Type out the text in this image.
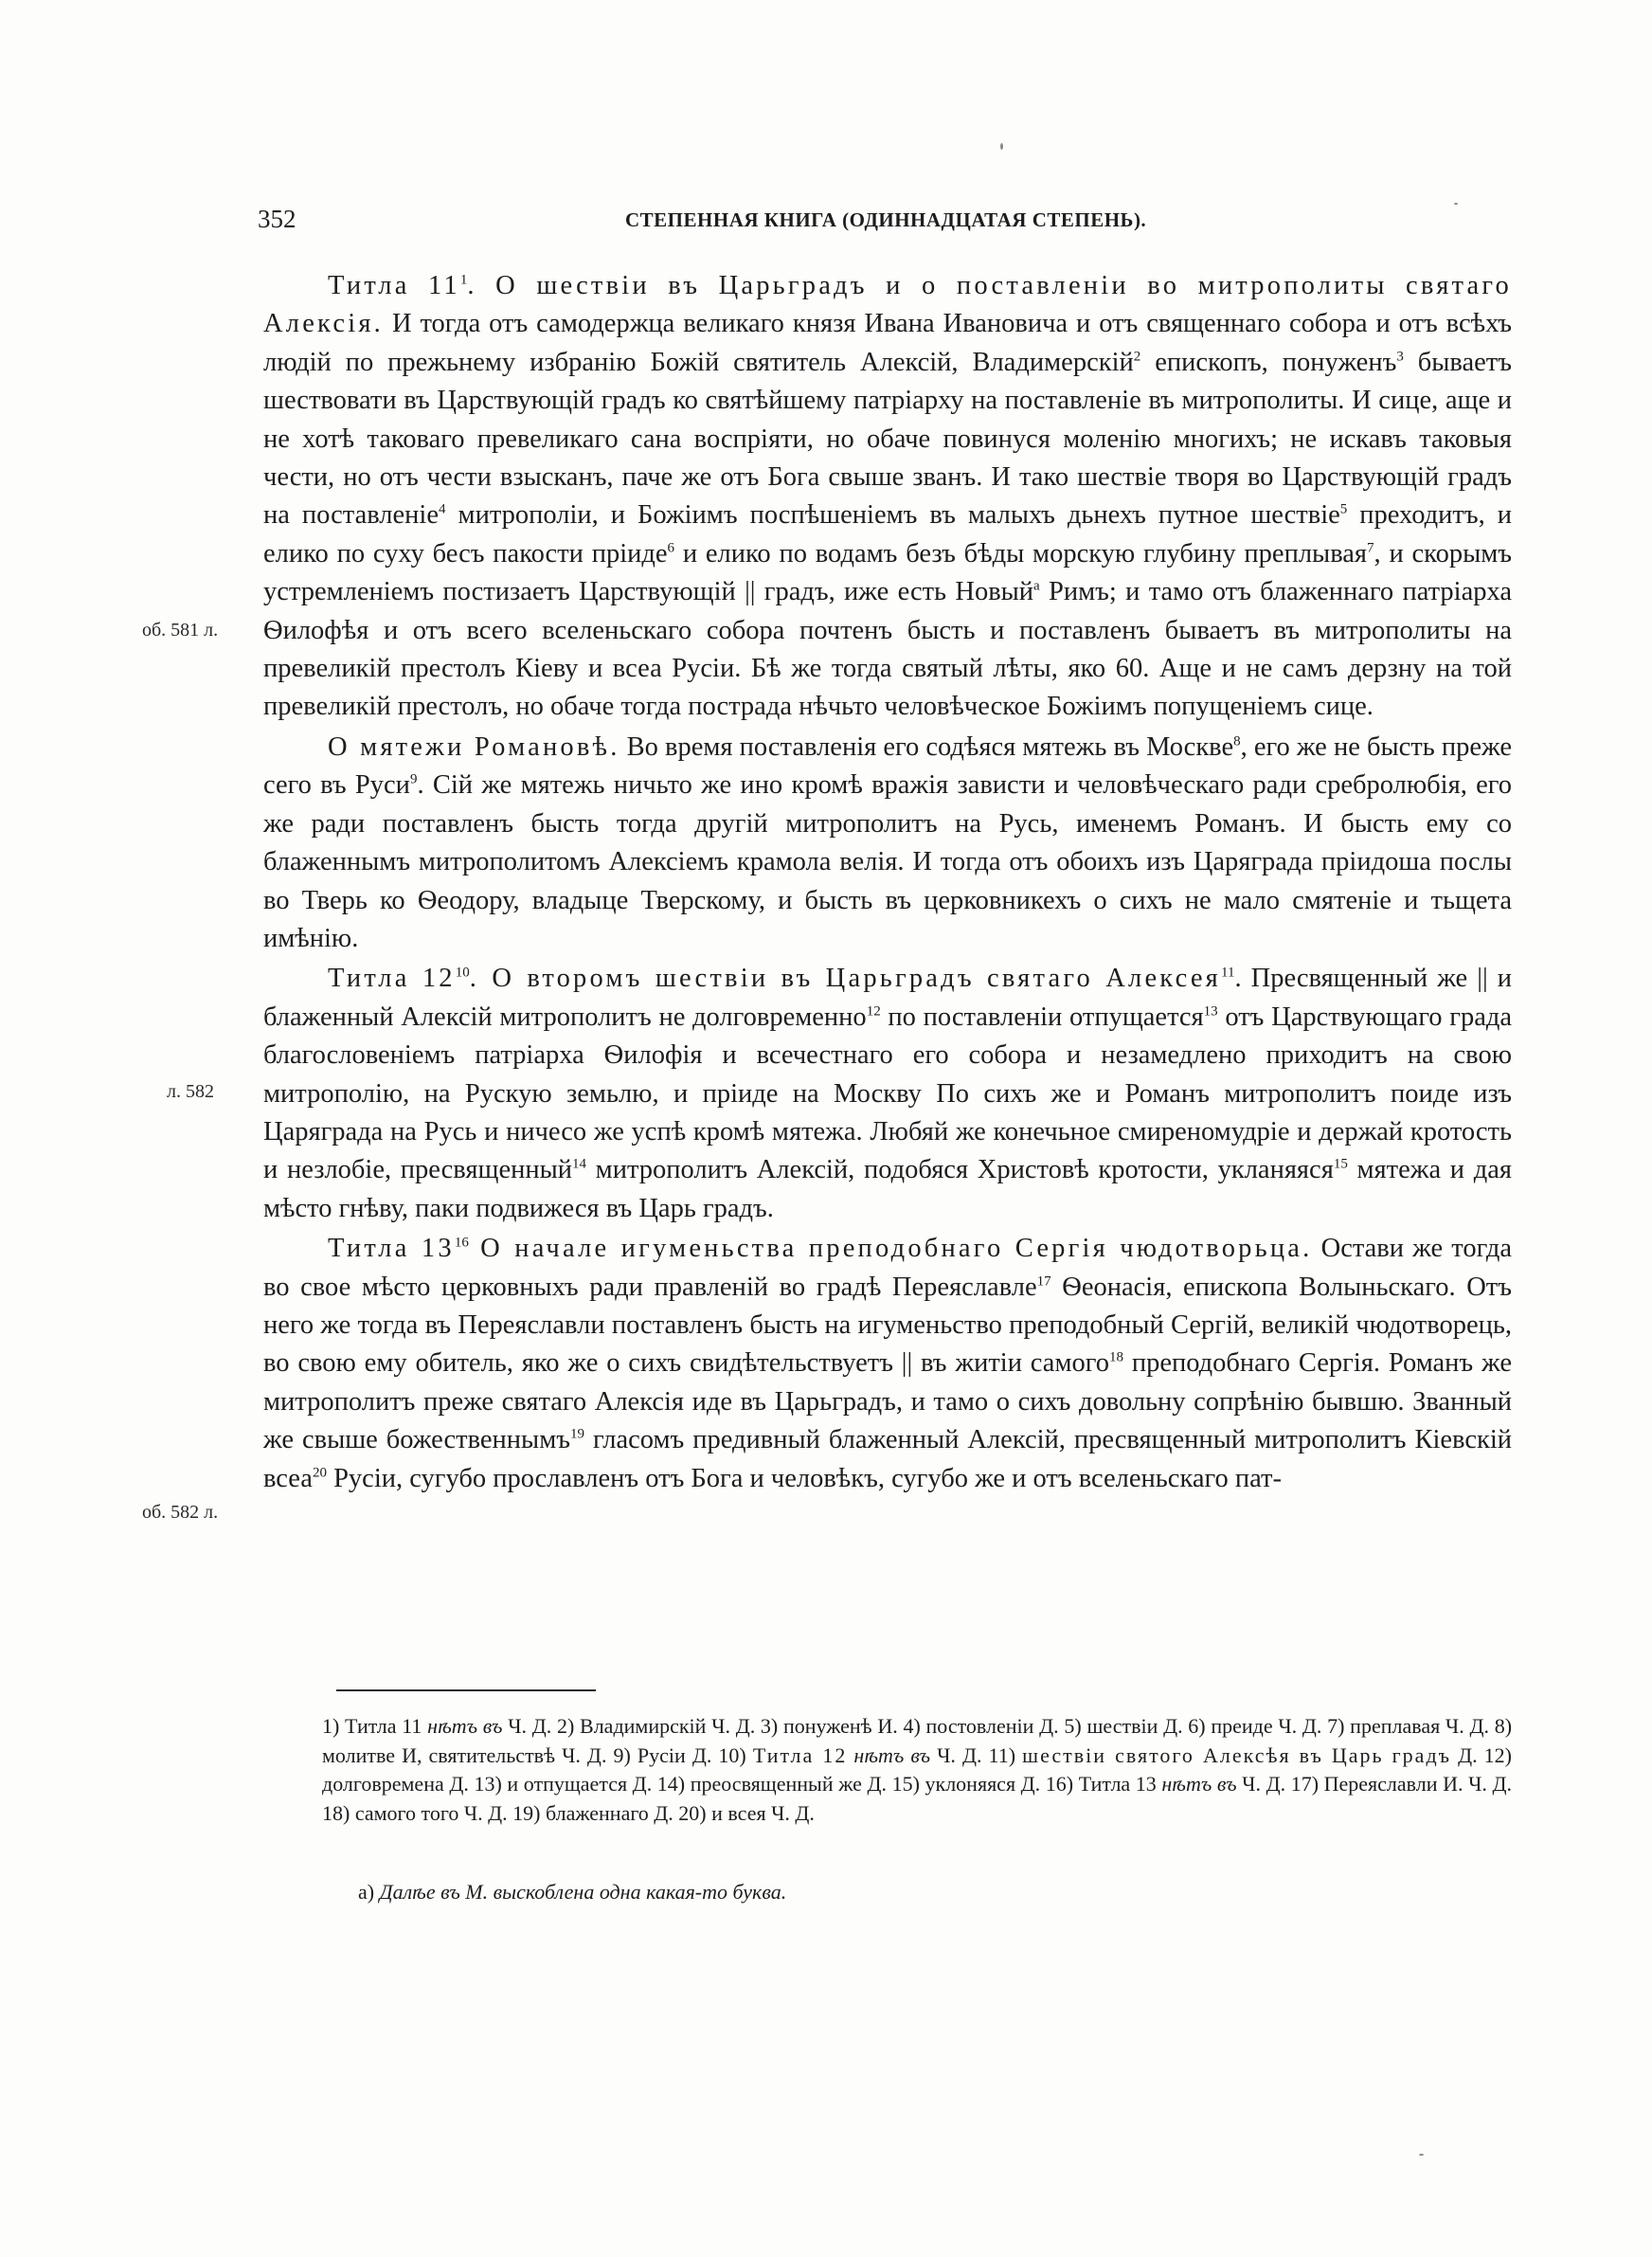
352	СТЕПЕННАЯ КНИГА (ОДИННАДЦАТАЯ СТЕПЕНЬ).
об. 581 л.
л. 582
об. 582 л.

Титла $11^1$. О шествiи въ Царьградъ и о поставленiи во митрополиты святаго Алексiя. И тогда отъ самодержца великаго князя Ивана Ивановича и отъ священнаго собора и отъ всѣхъ людiй по прежьнему избранiю Божiй святитель Алексiй, Владимерскiй$^2$ епископъ, понуженъ$^3$ бываетъ шествовати въ Царствующiй градъ ко святѣйшему патрiарху на поставленiе въ митрополиты. И сице, аще и не хотѣ таковаго превеликаго сана воспрiяти, но обаче повинуся моленiю многихъ; не искавъ таковыя чести, но отъ чести взысканъ, паче же отъ Бога свыше званъ. И тако шествiе творя во Царствующiй градъ на поставленiе$^4$ митрополiи, и Божiимъ поспѣшенiемъ въ малыхъ дьнехъ путное шествiе$^5$ преходитъ, и елико по суху бесъ пакости прiиде$^6$ и елико по водамъ безъ бѣды морскую глубину преплывая$^7$, и скорымъ устремленiемъ постизаетъ Царствующiй || градъ, иже есть Новый$^а$ Римъ; и тамо отъ блаженнаго патрiарха Ѳилофѣя и отъ всего вселеньскаго собора почтенъ бысть и поставленъ бываетъ въ митрополиты на превеликiй престолъ Кiеву и всеа Русiи. Бѣ же тогда святый лѣты, яко 60. Аще и не самъ дерзну на той превеликiй престолъ, но обаче тогда пострада нѣчьто человѣческое Божiимъ попущенiемъ сице.

О мятежи Романовѣ. Во время поставленiя его содѣяся мятежь въ Москве$^8$, его же не бысть преже сего въ Руси$^9$. Сiй же мятежь ничьто же ино кромѣ вражiя зависти и человѣческаго ради сребролюбiя, его же ради поставленъ бысть тогда другiй митрополитъ на Русь, именемъ Романъ. И бысть ему со блаженнымъ митрополитомъ Алексiемъ крамола велiя. И тогда отъ обоихъ изъ Царяграда прiидоша послы во Тверь ко Ѳеодору, владыце Тверскому, и бысть въ церковникехъ о сихъ не мало смятенiе и тьщета имѣнiю.

Титла $12^{10}$. О второмъ шествiи въ Царьградъ святаго Алексея$^{11}$. Пресвященный же || и блаженный Алексiй митрополитъ не долговременно$^{12}$ по поставленiи отпущается$^{13}$ отъ Царствующаго града благословенiемъ патрiарха Ѳилофiя и всечестнаго его собора и незамедлено приходитъ на свою митрополiю, на Рускую земьлю, и прiиде на Москву По сихъ же и Романъ митрополитъ поиде изъ Царяграда на Русь и ничесо же успѣ кромѣ мятежа. Любяй же конечьное смиреномудрiе и держай кротость и незлобiе, пресвященный$^{14}$ митрополитъ Алексiй, подобяся Христовѣ кротости, укланяяся$^{15}$ мятежа и дая мѣсто гнѣву, паки подвижеся въ Царь градъ.

Титла $13^{16}$ О начале игуменьства преподобнаго Сергiя чюдотворьца. Остави же тогда во свое мѣсто церковныхъ ради правленiй во градѣ Переяславле$^{17}$ Ѳеонасiя, епископа Волыньскаго. Отъ него же тогда въ Переяславли поставленъ бысть на игуменьство преподобный Сергiй, великiй чюдотворець, во свою ему обитель, яко же о сихъ свидѣтельствуетъ || въ житiи самого$^{18}$ преподобнаго Сергiя. Романъ же митрополитъ преже святаго Алексiя иде въ Царьградъ, и тамо о сихъ довольну сопрѣнiю бывшю. Званный же свыше божественнымъ$^{19}$ гласомъ предивный блаженный Алексiй, пресвященный митрополитъ Кiевскiй всеа$^{20}$ Русiи, сугубо прославленъ отъ Бога и человѣкъ, сугубо же и отъ вселеньскаго пат-

1) Титла 11 нѣтъ въ Ч. Д. 2) Владимирскiй Ч. Д. 3) понуженѣ И. 4) постовленiи Д. 5) шествiи Д. 6) преиде Ч. Д. 7) преплавая Ч. Д. 8) молитве И, святительствѣ Ч. Д. 9) Русiи Д. 10) Титла 12 нѣтъ въ Ч. Д. 11) шествiи святого Алексѣя въ Царь градъ Д. 12) долговремена Д. 13) и отпущается Д. 14) преосвященный же Д. 15) уклоняяся Д. 16) Титла 13 нѣтъ въ Ч. Д. 17) Переяславли И. Ч. Д. 18) самого того Ч. Д. 19) блаженнаго Д. 20) и всея Ч. Д.

а) Далѣе въ М. выскоблена одна какая-то буква.
